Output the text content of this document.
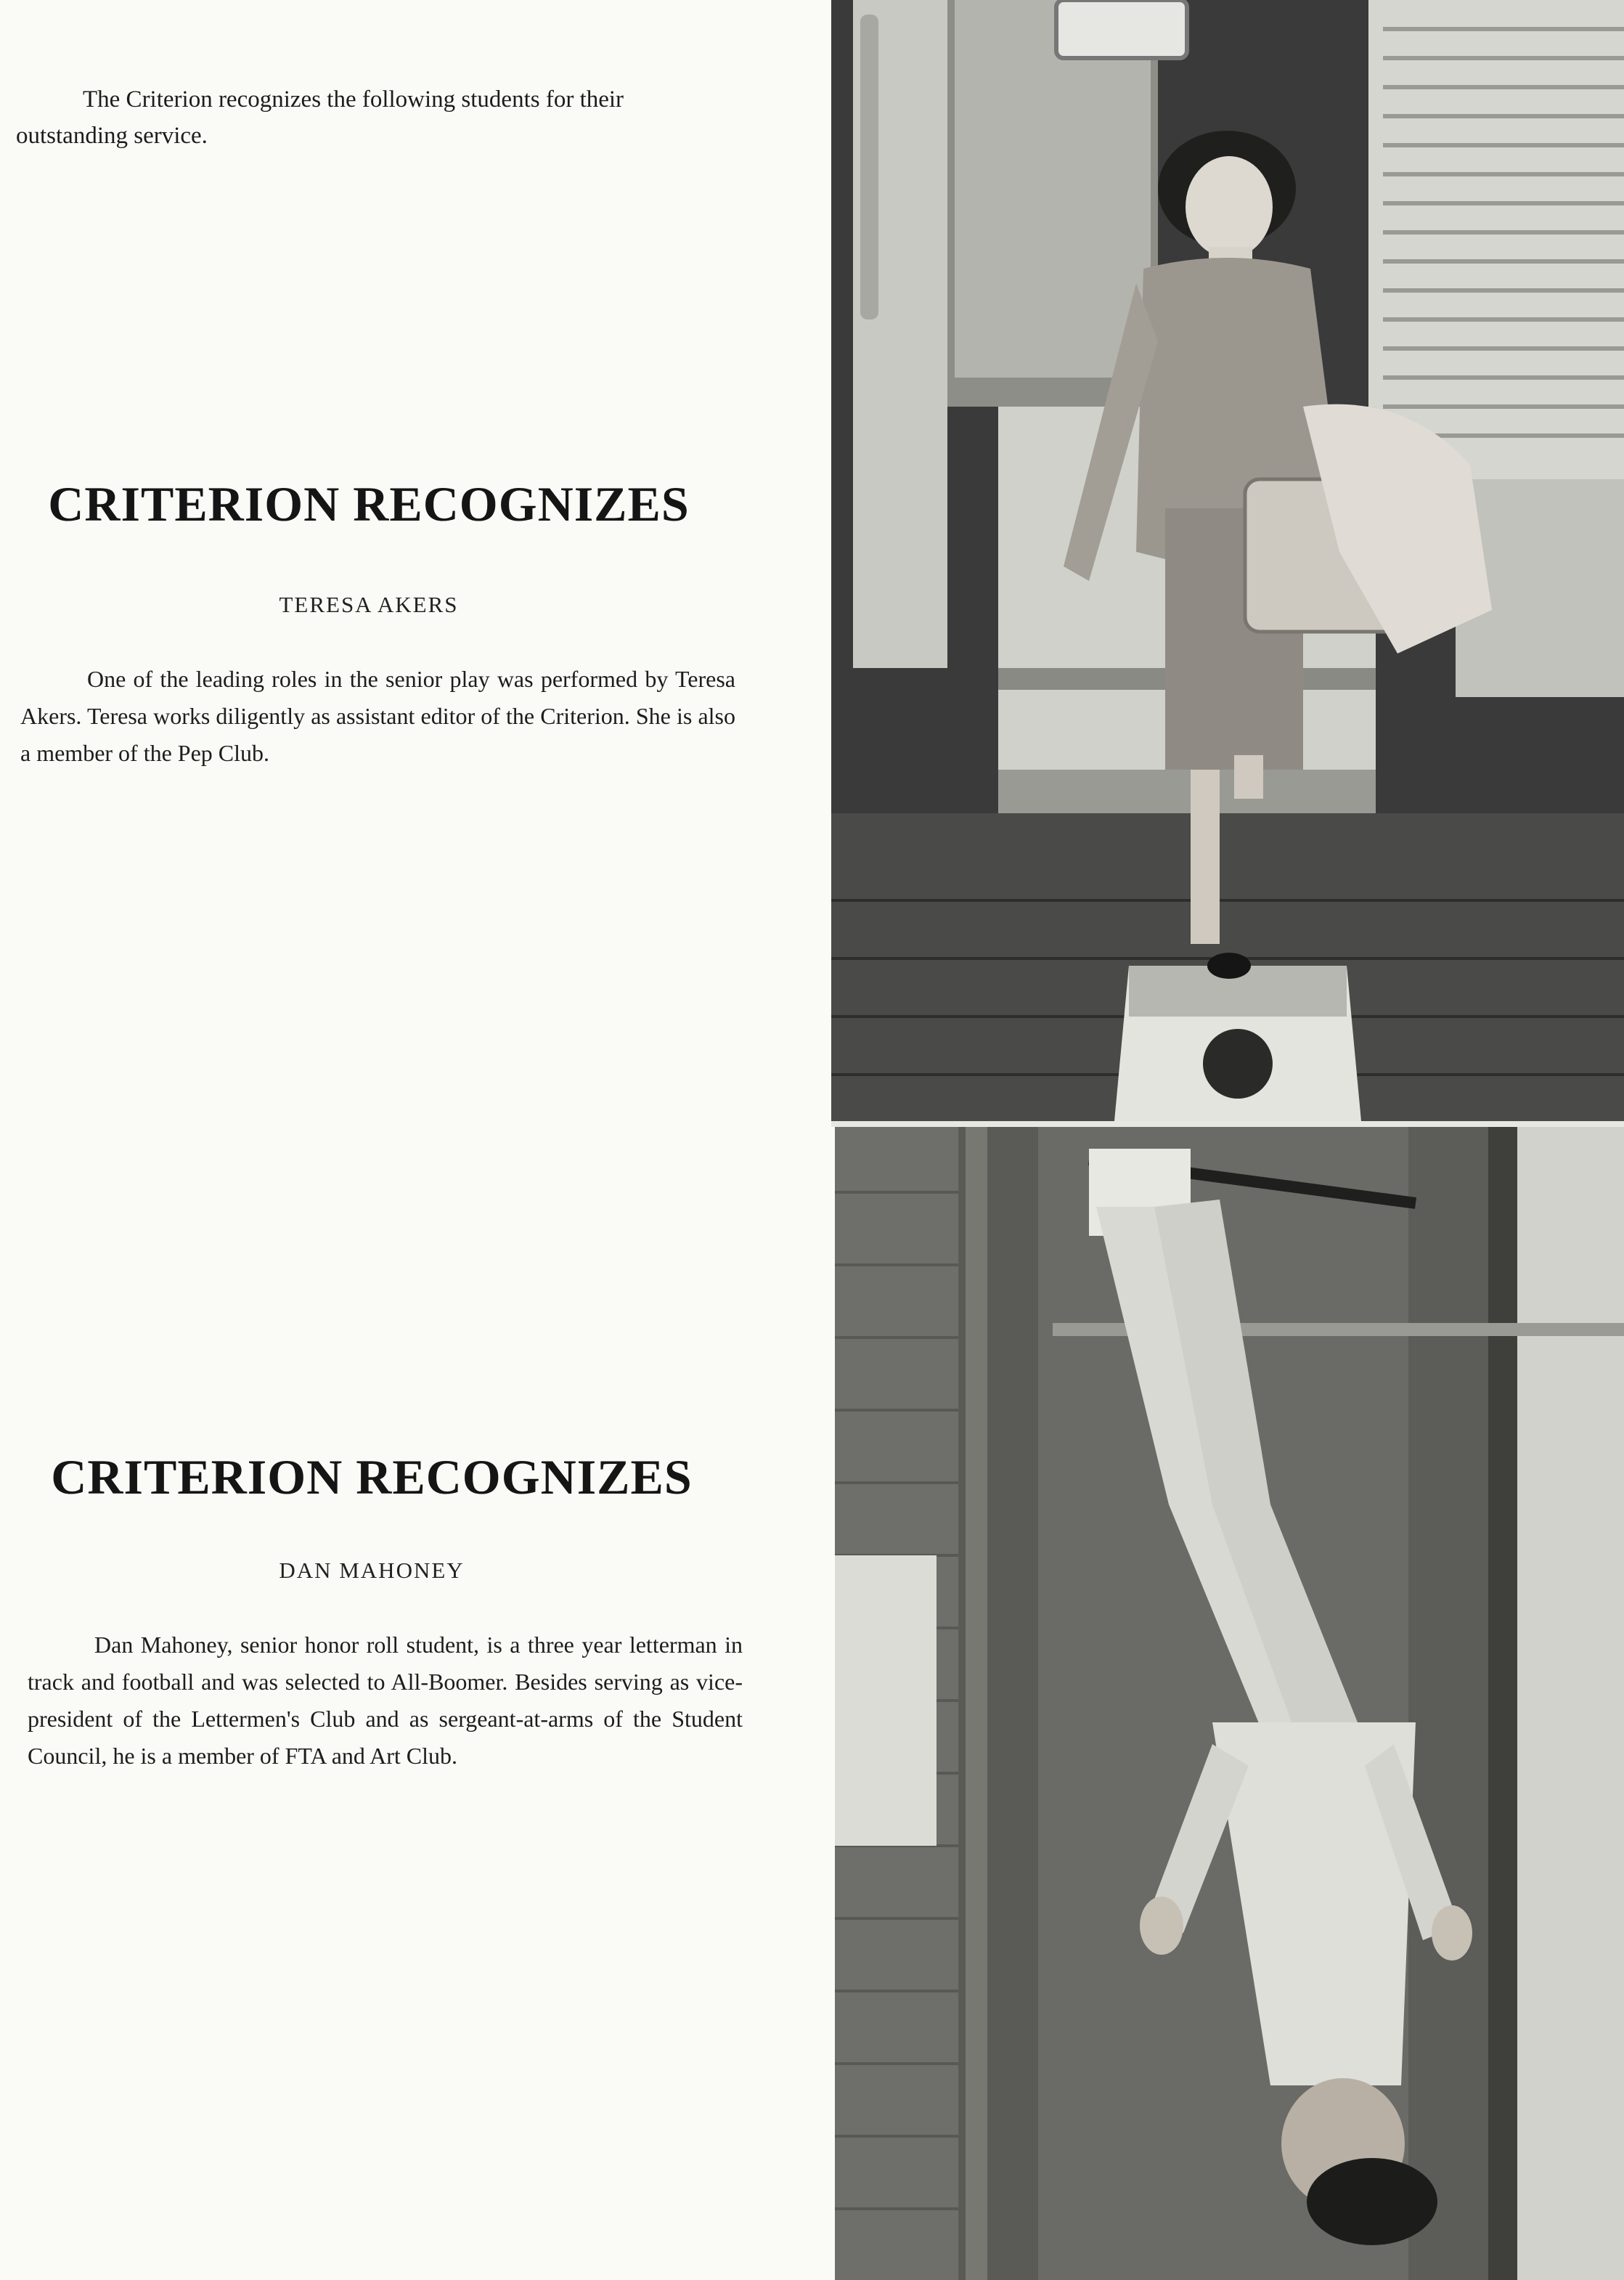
The Criterion recognizes the following students for their outstanding service.

CRITERION RECOGNIZES

TERESA AKERS

One of the leading roles in the senior play was performed by Teresa Akers. Teresa works diligently as assistant editor of the Criterion. She is also a member of the Pep Club.

CRITERION RECOGNIZES

DAN MAHONEY

Dan Mahoney, senior honor roll student, is a three year letterman in track and football and was selected to All-Boomer. Besides serving as vice-president of the Lettermen's Club and as sergeant-at-arms of the Student Council, he is a member of FTA and Art Club.
